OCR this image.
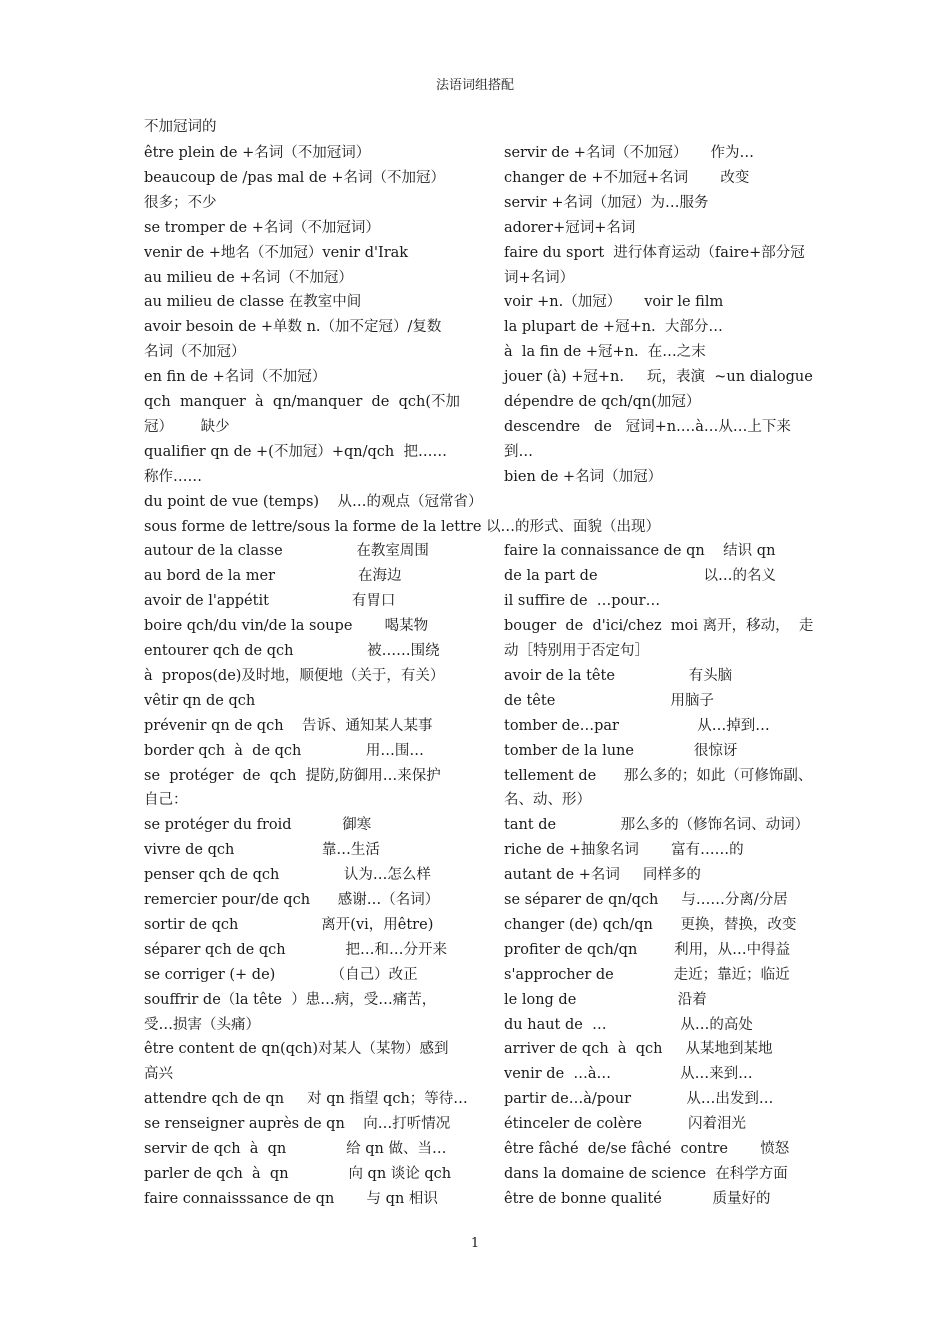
法语词组搭配
不加冠词的
être plein de +名词（不加冠词）
beaucoup de /pas mal de +名词（不加冠）
很多；不少
se tromper de +名词（不加冠词）
venir de +地名（不加冠）venir d'Irak
au milieu de +名词（不加冠）
au milieu de classe 在教室中间
avoir besoin de +单数 n.（加不定冠）/复数
名词（不加冠）
en fin de +名词（不加冠）
qch  manquer  à  qn/manquer  de  qch(不加
冠）      缺少
qualifier qn de +(不加冠）+qn/qch  把……
称作……
servir de +名词（不加冠）     作为…
changer de +不加冠+名词       改变
servir +名词（加冠）为…服务
adorer+冠词+名词
faire du sport  进行体育运动（faire+部分冠
词+名词）
voir +n.（加冠）     voir le film
la plupart de +冠+n.  大部分…
à  la fin de +冠+n.  在…之末
jouer (à) +冠+n.     玩，表演  ~un dialogue
dépendre de qch/qn(加冠）
descendre   de   冠词+n.…à…从…上下来
到…
bien de +名词（加冠）
du point de vue (temps)    从…的观点（冠常省）
sous forme de lettre/sous la forme de la lettre 以…的形式、面貌（出现）
autour de la classe                在教室周围
au bord de la mer                  在海边
avoir de l'appétit                  有胃口
boire qch/du vin/de la soupe       喝某物
entourer qch de qch                被……围绕
à  propos(de)及时地，顺便地（关于，有关）
vêtir qn de qch
prévenir qn de qch    告诉、通知某人某事
border qch  à  de qch              用…围…
se  protéger  de  qch  提防,防御用…来保护
自己：
se protéger du froid           御寒
vivre de qch                   靠…生活
penser qch de qch              认为…怎么样
remercier pour/de qch      感谢…（名词）
sortir de qch                  离开(vi，用être)
séparer qch de qch             把…和…分开来
se corriger (+ de)            （自己）改正
souffrir de（la tête  ）患…病，受…痛苦，
受…损害（头痛）
être content de qn(qch)对某人（某物）感到
高兴
attendre qch de qn     对 qn 指望 qch；等待…
se renseigner auprès de qn    向…打听情况
servir de qch  à  qn             给 qn 做、当…
parler de qch  à  qn             向 qn 谈论 qch
faire connaisssance de qn       与 qn 相识
faire la connaissance de qn    结识 qn
de la part de                       以…的名义
il suffire de  …pour…
bouger  de  d'ici/chez  moi 离开，移动，  走
动［特别用于否定句］
avoir de la tête                有头脑
de tête                         用脑子
tomber de…par                 从…掉到…
tomber de la lune             很惊讶
tellement de      那么多的；如此（可修饰副、
名、动、形）
tant de              那么多的（修饰名词、动词）
riche de +抽象名词       富有……的
autant de +名词     同样多的
se séparer de qn/qch     与……分离/分居
changer (de) qch/qn      更换，替换，改变
profiter de qch/qn        利用，从…中得益
s'approcher de             走近；靠近；临近
le long de                      沿着
du haut de  …                从…的高处
arriver de qch  à  qch     从某地到某地
venir de  …à…               从…来到…
partir de…à/pour            从…出发到…
étinceler de colère          闪着泪光
être fâché  de/se fâché  contre       愤怒
dans la domaine de science  在科学方面
être de bonne qualité           质量好的
1
